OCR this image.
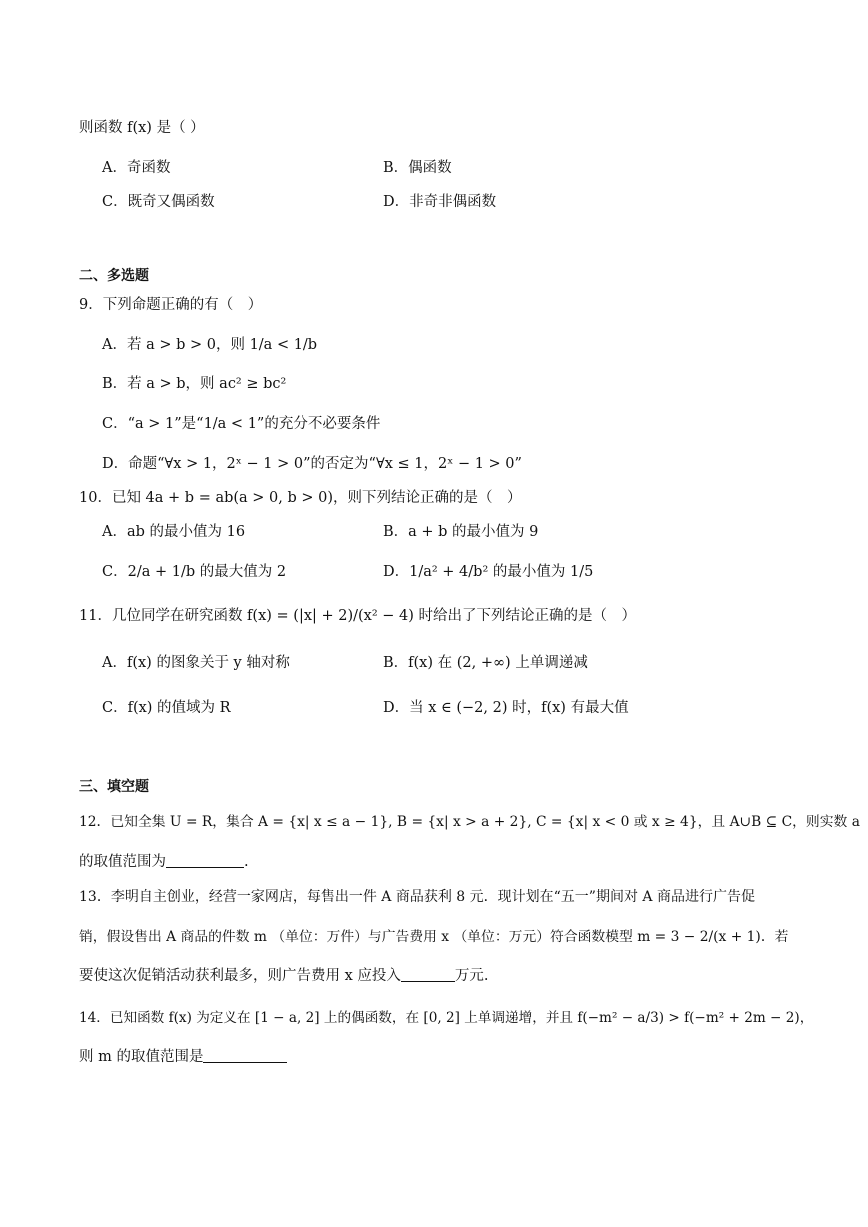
则函数 f(x) 是（ ）
A．奇函数	B．偶函数
C．既奇又偶函数	D．非奇非偶函数
二、多选题
9．下列命题正确的有（　）
A．若 a > b > 0，则 1/a < 1/b
B．若 a > b，则 ac² ≥ bc²
C．“a > 1”是“1/a < 1”的充分不必要条件
D．命题“∀x > 1，2ˣ − 1 > 0”的否定为“∀x ≤ 1，2ˣ − 1 > 0”
10．已知 4a + b = ab(a > 0, b > 0)，则下列结论正确的是（　）
A．ab 的最小值为 16	B．a + b 的最小值为 9
C．2/a + 1/b 的最大值为 2	D．1/a² + 4/b² 的最小值为 1/5
11．几位同学在研究函数 f(x) = (|x| + 2)/(x² − 4) 时给出了下列结论正确的是（　）
A．f(x) 的图象关于 y 轴对称	B．f(x) 在 (2, +∞) 上单调递减
C．f(x) 的值域为 R	D．当 x ∈ (−2, 2) 时，f(x) 有最大值
三、填空题
12．已知全集 U = R，集合 A = {x| x ≤ a − 1}, B = {x| x > a + 2}, C = {x| x < 0 或 x ≥ 4}，且 A∪B ⊆ C，则实数 a
的取值范围为	.
13．李明自主创业，经营一家网店，每售出一件 A 商品获利 8 元．现计划在“五一”期间对 A 商品进行广告促
销，假设售出 A 商品的件数 m （单位：万件）与广告费用 x （单位：万元）符合函数模型 m = 3 − 2/(x + 1)．若
要使这次促销活动获利最多，则广告费用 x 应投入	万元.
14．已知函数 f(x) 为定义在 [1 − a, 2] 上的偶函数，在 [0, 2] 上单调递增，并且 f(−m² − a/3) > f(−m² + 2m − 2)，
则 m 的取值范围是
